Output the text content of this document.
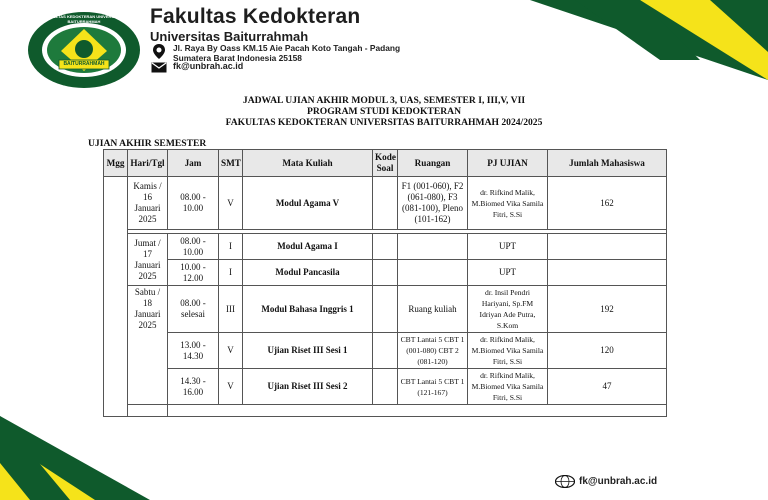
BAITURRAHMAH
FAKULTAS KEDOKTERAN UNIVERSITAS BAITURRAHMAH	Fakultas Kedokteran
Universitas Baiturrahmah
Jl. Raya By Oass KM.15 Aie Pacah Koto Tangah - Padang
Sumatera Barat Indonesia 25158
fk@unbrah.ac.id
JADWAL UJIAN AKHIR MODUL 3, UAS, SEMESTER I, III,V, VII
PROGRAM STUDI KEDOKTERAN
FAKULTAS KEDOKTERAN UNIVERSITAS BAITURRAHMAH 2024/2025
UJIAN AKHIR SEMESTER
Mgg	Hari/Tgl	Jam	SMT	Mata Kuliah	Kode Soal	Ruangan	PJ UJIAN	Jumlah Mahasiswa
	Kamis / 16 Januari 2025	08.00 - 10.00	V	Modul Agama V		F1 (001-060), F2 (061-080), F3 (081-100), Pleno (101-162)	dr. Rifkind Malik, M.Biomed Vika Samila Fitri, S.Si	162

	Jumat / 17 Januari 2025	08.00 - 10.00	I	Modul Agama I			UPT	
		10.00 - 12.00	I	Modul Pancasila			UPT	
	Sabtu / 18 Januari 2025	08.00 - selesai	III	Modul Bahasa Inggris 1		Ruang kuliah	dr. Insil Pendri Hariyani, Sp.FM Idriyan Ade Putra, S.Kom	192
		13.00 - 14.30	V	Ujian Riset III Sesi 1		CBT Lantai 5 CBT 1 (001-080) CBT 2 (081-120)	dr. Rifkind Malik, M.Biomed Vika Samila Fitri, S.Si	120
		14.30 - 16.00	V	Ujian Riset III Sesi 2		CBT Lantai 5 CBT 1 (121-167)	dr. Rifkind Malik, M.Biomed Vika Samila Fitri, S.Si	47

fk@unbrah.ac.id
